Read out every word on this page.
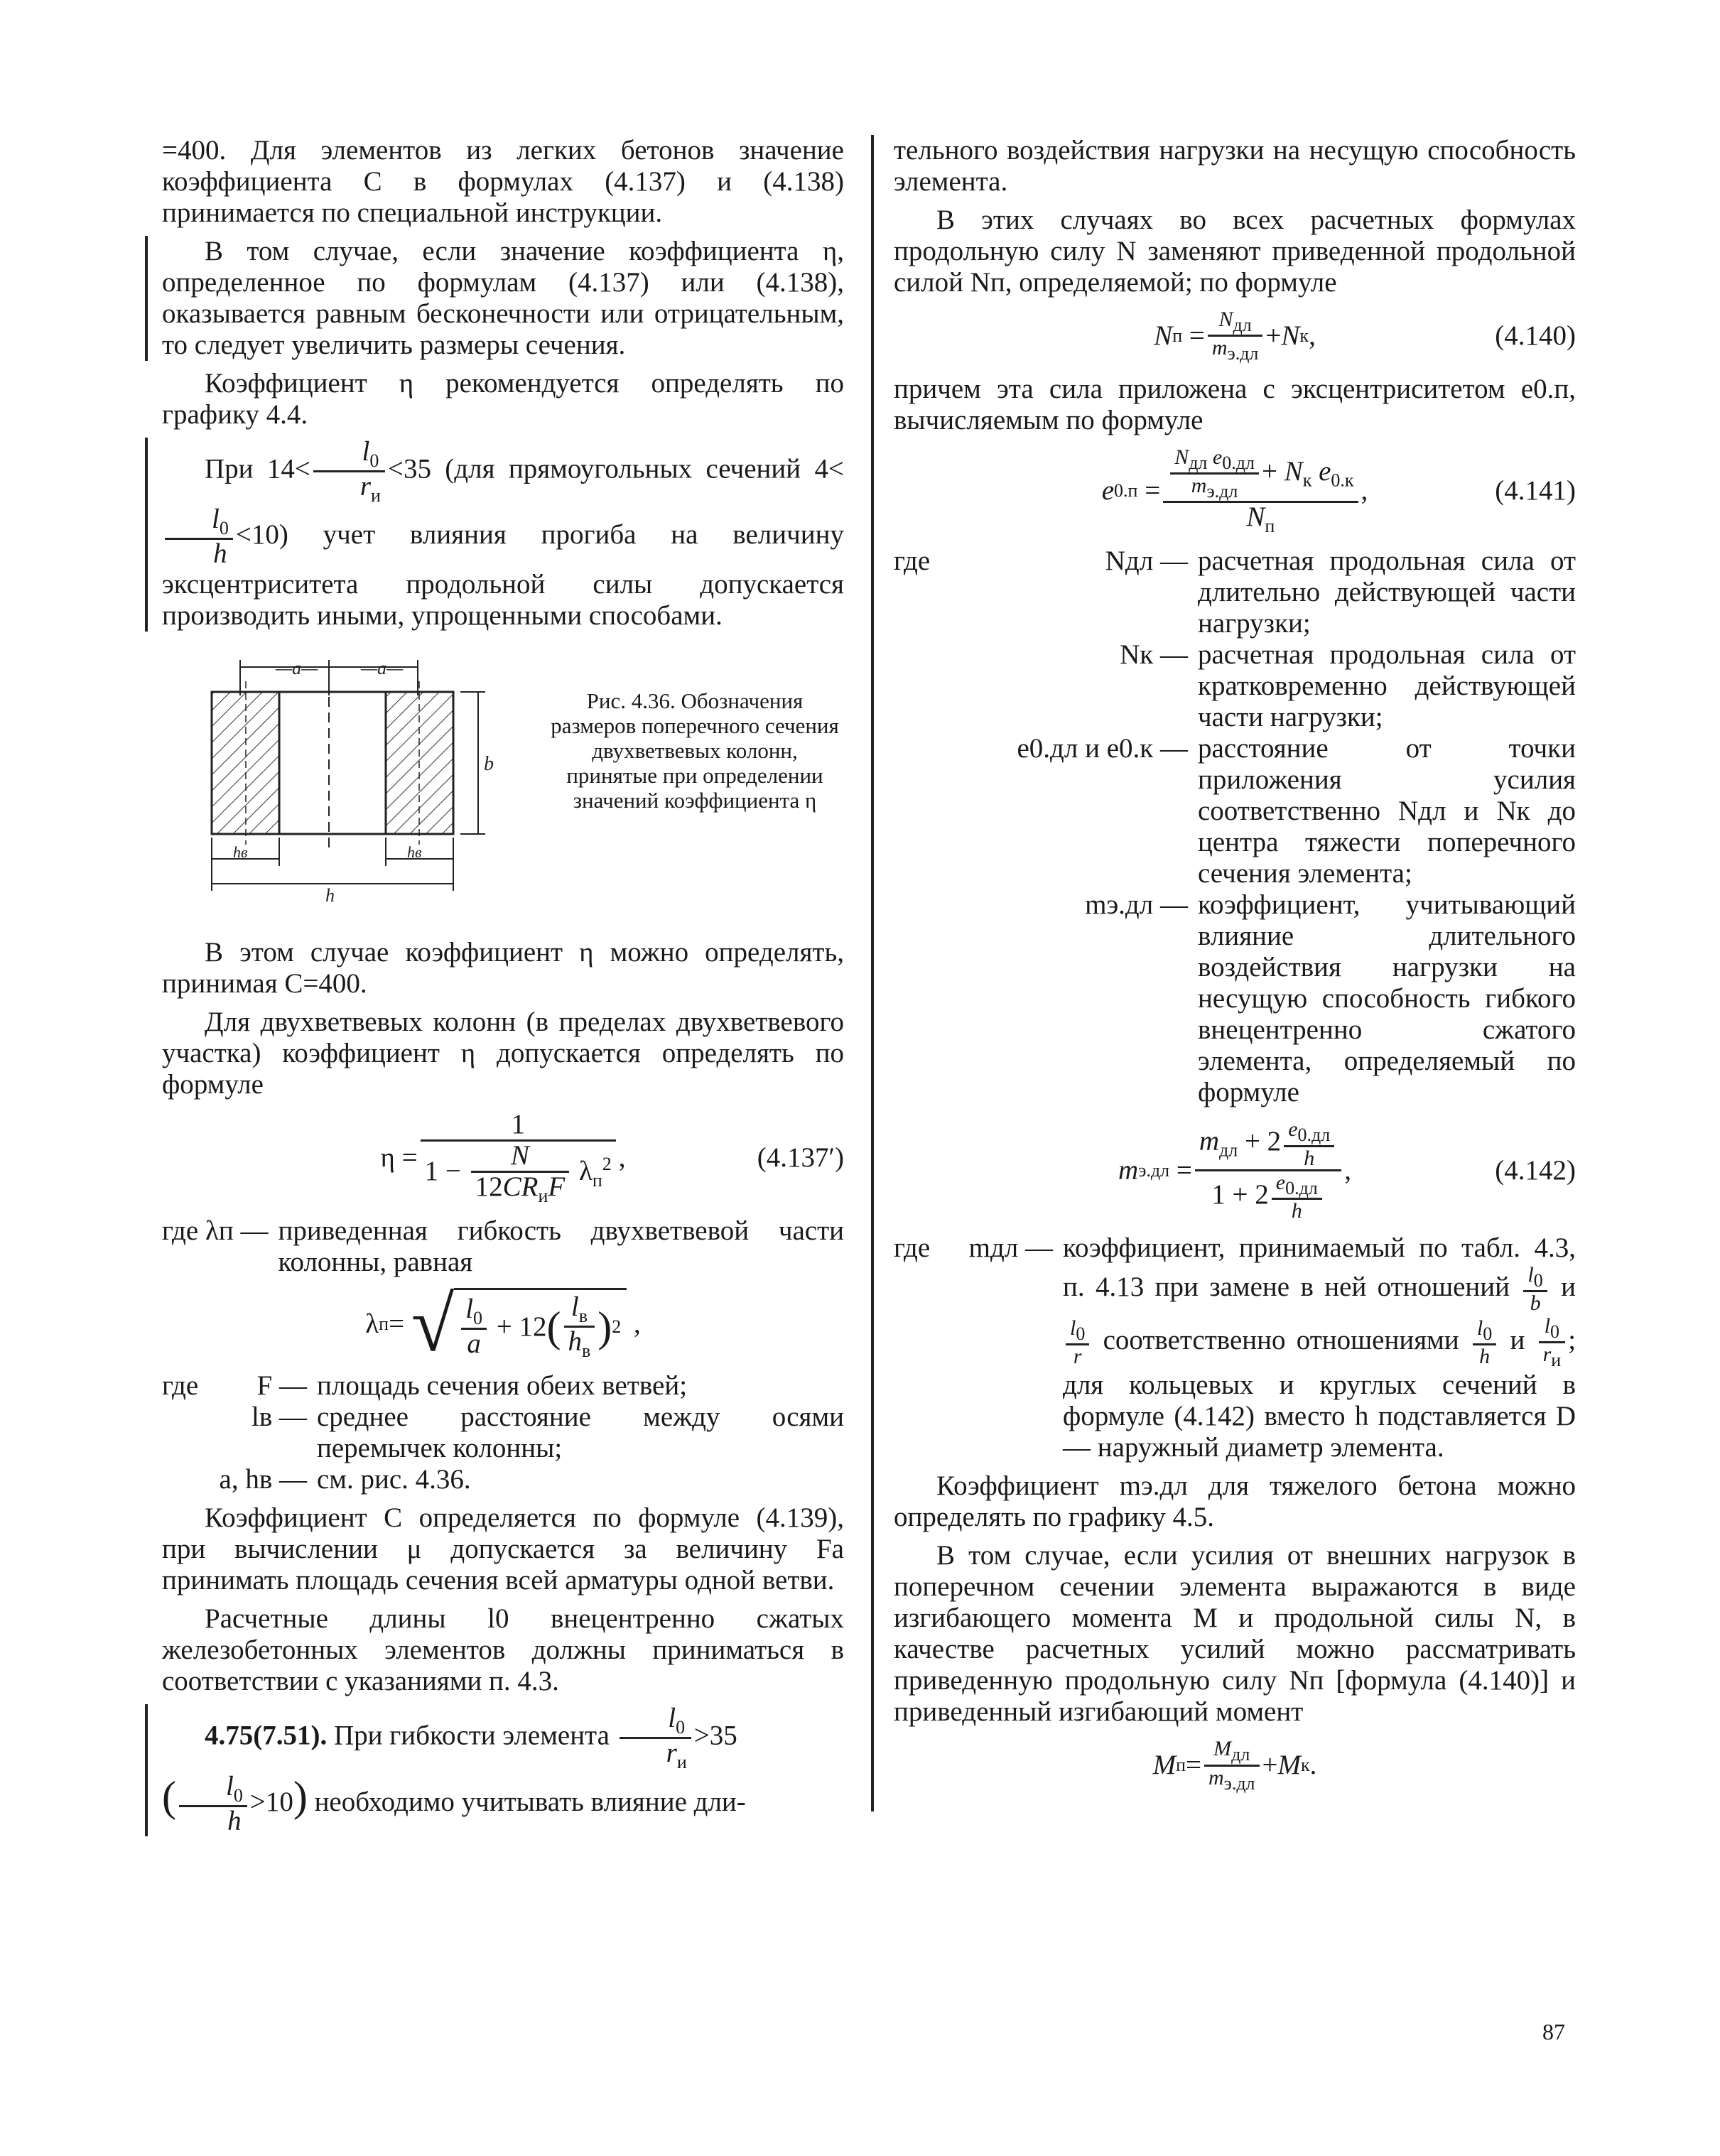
=400. Для элементов из легких бетонов значение коэффициента C в формулах (4.137) и (4.138) принимается по специальной инструкции.

В том случае, если значение коэффициента η, определенное по формулам (4.137) или (4.138), оказывается равным бесконечности или отрицательным, то следует увеличить размеры сечения.

Коэффициент η рекомендуется определять по графику 4.4.

При $14< \frac{l_0}{r_и} <35$ (для прямоугольных сечений 4<
$\frac{l_0}{h} <10$) учет влияния прогиба на величину эксцентриситета продольной силы допускается производить иными, упрощенными способами.

—a— —a—
b
hв	hв
h
Рис. 4.36. Обозначения размеров поперечного сечения двухветвевых колонн, принятые при определении значений коэффициента η

В этом случае коэффициент η можно определять, принимая C=400.

Для двухветвевых колонн (в пределах двухветвевого участка) коэффициент η допускается определять по формуле

$\eta = \frac{1}{1 - \frac{N}{12CR_иF} \lambda_п^2}$ ,	(4.137′)
где λп — приведенная гибкость двухветвевой части колонны, равная
λ п = √ $\frac{l_0}{a} + 12$ ( $\frac{l_в}{h_в}$ ) 2 ,
где	F — площадь сечения обеих ветвей;
lв — среднее расстояние между осями перемычек колонны;
a, hв — см. рис. 4.36.

Коэффициент C определяется по формуле (4.139), при вычислении μ допускается за величину Fа принимать площадь сечения всей арматуры одной ветви.

Расчетные длины l0 внецентренно сжатых железобетонных элементов должны приниматься в соответствии с указаниями п. 4.3.

4.75(7.51). При гибкости элемента $\frac{l_0}{r_и} >35$
( $\frac{l_0}{h} >10$) необходимо учитывать влияние дли-

тельного воздействия нагрузки на несущую способность элемента.

В этих случаях во всех расчетных формулах продольную силу N заменяют приведенной продольной силой Nп, определяемой; по формуле

N $п = \frac{N_{дл}}{m_{э.дл}} + N$ к ,	(4.140)

причем эта сила приложена с эксцентриситетом e0.п, вычисляемым по формуле

e $0.п = \frac{\frac{N_{дл} e_{0.дл}}{m_{э.дл}} + N_к e_{0.к}}{N_п}$ ,	(4.141)
где	Nдл — расчетная продольная сила от длительно действующей части нагрузки;
Nк — расчетная продольная сила от кратковременно действующей части нагрузки;
e0.дл и e0.к — расстояние от точки приложения усилия соответственно Nдл и Nк до центра тяжести поперечного сечения элемента;
mэ.дл — коэффициент, учитывающий влияние длительного воздействия нагрузки на несущую способность гибкого внецентренно сжатого элемента, определяемый по формуле
m $э.дл = \frac{m_{дл} + 2 \frac{e_{0.дл}}{h}}{1 + 2 \frac{e_{0.дл}}{h}}$ ,	(4.142)
где	mдл — коэффициент, принимаемый по табл. 4.3, п. 4.13 при замене в ней отношений $\frac{l_0}{b}$ и
$\frac{l_0}{r}$ соответственно отношениями $\frac{l_0}{h}$ и $\frac{l_0}{r_и}$ ; для кольцевых и круглых сечений в формуле (4.142) вместо h подставляется D — наружный диаметр элемента.

Коэффициент mэ.дл для тяжелого бетона можно определять по графику 4.5.

В том случае, если усилия от внешних нагрузок в поперечном сечении элемента выражаются в виде изгибающего момента M и продольной силы N, в качестве расчетных усилий можно рассматривать приведенную продольную силу Nп [формула (4.140)] и приведенный изгибающий момент

M $п = \frac{M_{дл}}{m_{э.дл}} + M$ к .
87
